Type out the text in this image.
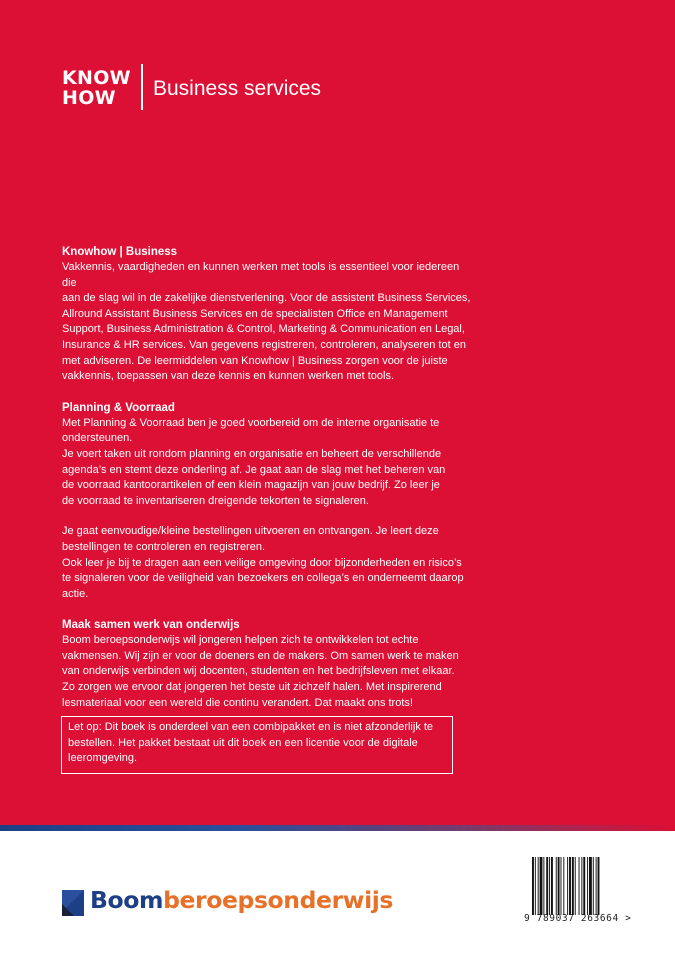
KNOW
HOW	Business services
Knowhow | Business

Vakkennis, vaardigheden en kunnen werken met tools is essentieel voor iedereen die

aan de slag wil in de zakelijke dienstverlening. Voor de assistent Business Services,

Allround Assistant Business Services en de specialisten Office en Management

Support, Business Administration & Control, Marketing & Communication en Legal,

Insurance & HR services. Van gegevens registreren, controleren, analyseren tot en

met adviseren. De leermiddelen van Knowhow | Business zorgen voor de juiste

vakkennis, toepassen van deze kennis en kunnen werken met tools.

Planning & Voorraad

Met Planning & Voorraad ben je goed voorbereid om de interne organisatie te

ondersteunen.

Je voert taken uit rondom planning en organisatie en beheert de verschillende

agenda’s en stemt deze onderling af. Je gaat aan de slag met het beheren van

de voorraad kantoorartikelen of een klein magazijn van jouw bedrijf. Zo leer je

de voorraad te inventariseren dreigende tekorten te signaleren.

Je gaat eenvoudige/kleine bestellingen uitvoeren en ontvangen. Je leert deze

bestellingen te controleren en registreren.

Ook leer je bij te dragen aan een veilige omgeving door bijzonderheden en risico’s

te signaleren voor de veiligheid van bezoekers en collega’s en onderneemt daarop

actie.

Maak samen werk van onderwijs

Boom beroepsonderwijs wil jongeren helpen zich te ontwikkelen tot echte

vakmensen. Wij zijn er voor de doeners en de makers. Om samen werk te maken

van onderwijs verbinden wij docenten, studenten en het bedrijfsleven met elkaar.

Zo zorgen we ervoor dat jongeren het beste uit zichzelf halen. Met inspirerend

lesmateriaal voor een wereld die continu verandert. Dat maakt ons trots!

Let op: Dit boek is onderdeel van een combipakket en is niet afzonderlijk te
bestellen. Het pakket bestaat uit dit boek en een licentie voor de digitale
leeromgeving.
Boomberoepsonderwijs
9 789037 263664 >
